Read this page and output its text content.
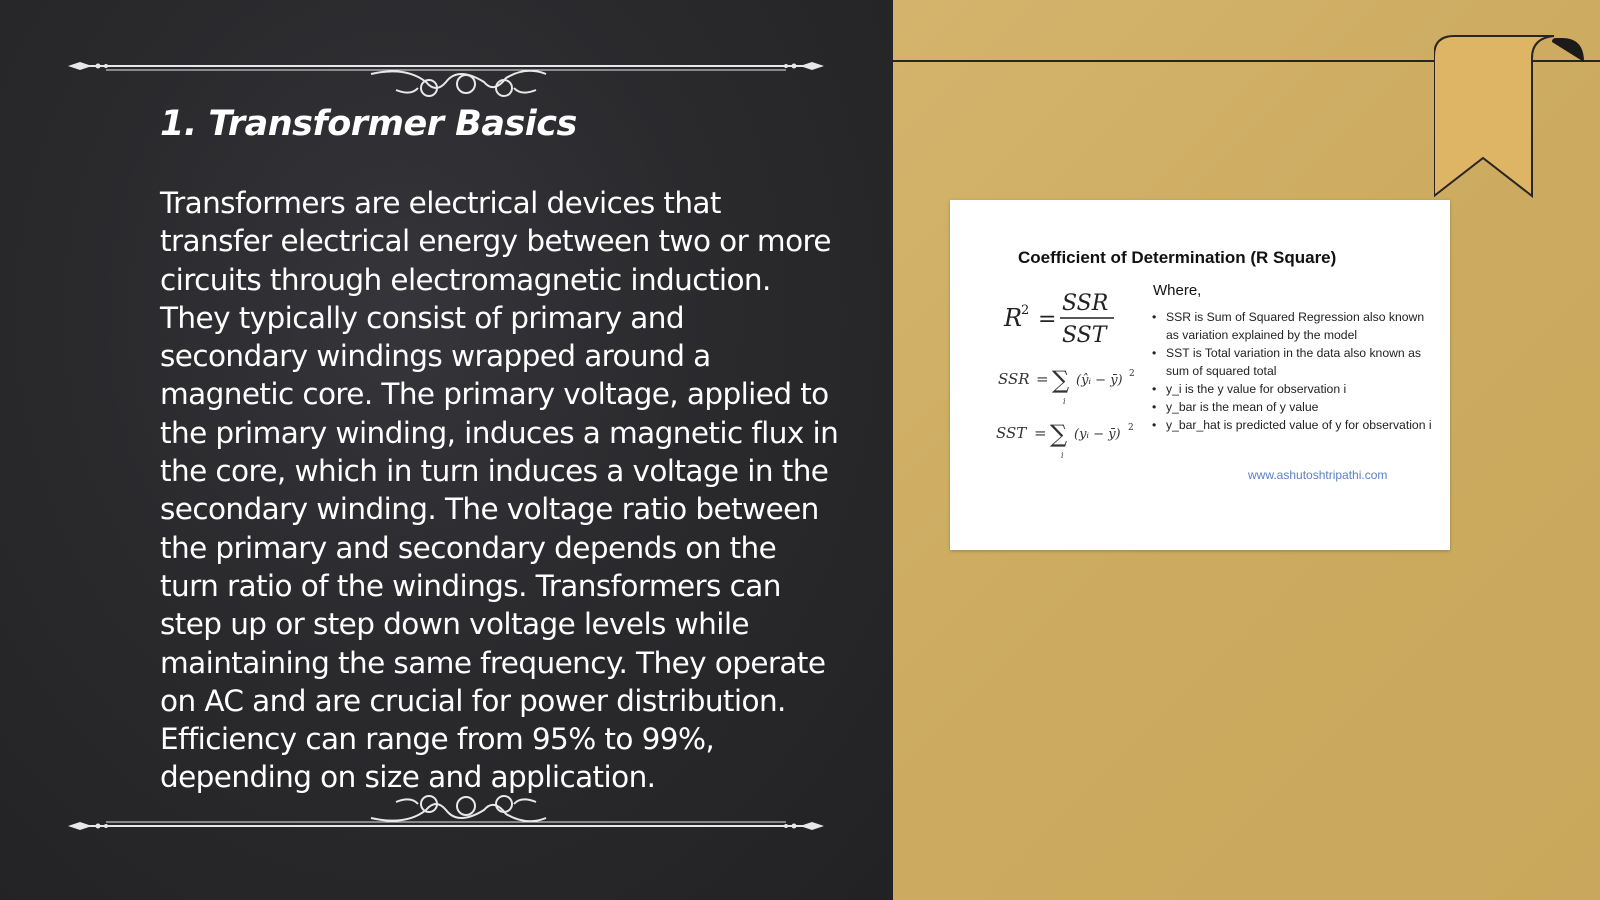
1. Transformer Basics

Transformers are electrical devices that transfer electrical energy between two or more circuits through electromagnetic induction. They typically consist of primary and secondary windings wrapped around a magnetic core. The primary voltage, applied to the primary winding, induces a magnetic flux in the core, which in turn induces a voltage in the secondary winding. The voltage ratio between the primary and secondary depends on the turn ratio of the windings. Transformers can step up or step down voltage levels while maintaining the same frequency. They operate on AC and are crucial for power distribution. Efficiency can range from 95% to 99%, depending on size and application.

Coefficient of Determination (R Square)
Where,
R
2 =
SSR
SST
SSR = ∑
i
(ŷᵢ − ȳ) 2
SST = ∑
i
(yᵢ − ȳ) 2
• SSR is Sum of Squared Regression also known as variation explained by the model
• SST is Total variation in the data also known as sum of squared total
• y_i is the y value for observation i
• y_bar is the mean of y value
• y_bar_hat is predicted value of y for observation i
www.ashutoshtripathi.com
